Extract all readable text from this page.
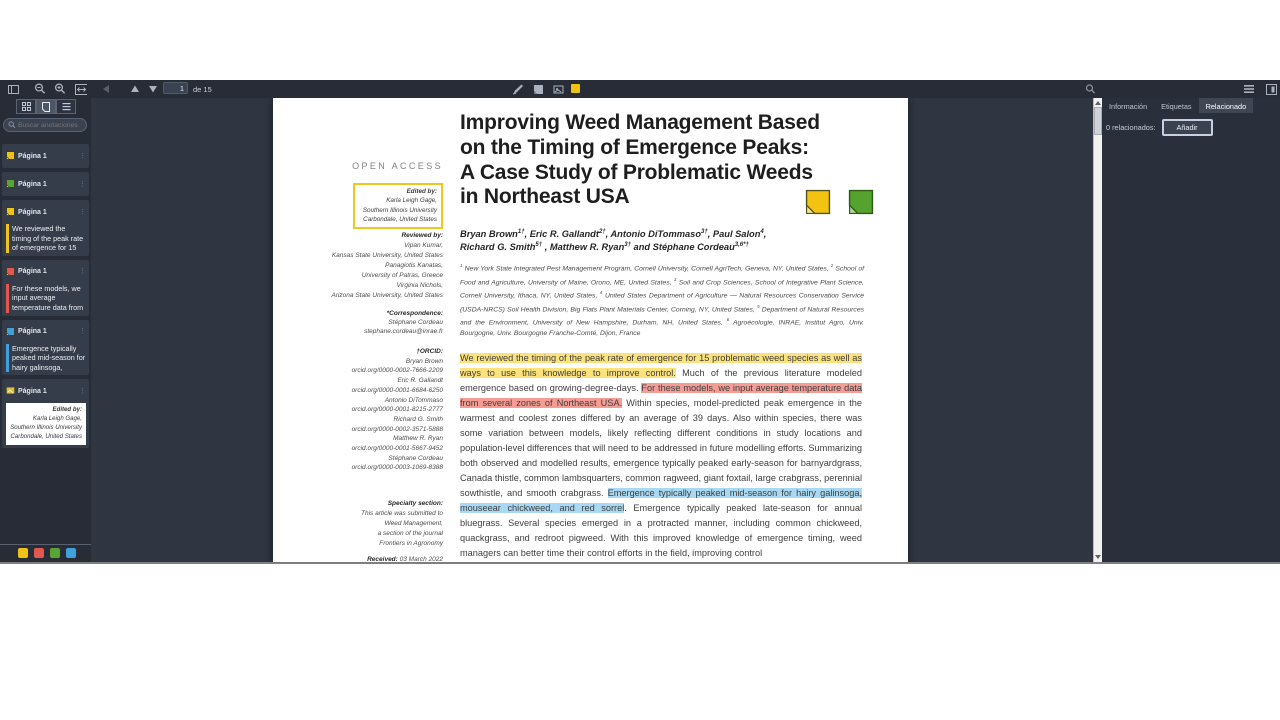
1
de 15
Buscar anotaciones
Página 1	⋮
Página 1	⋮
Página 1	⋮
We reviewed the timing of the peak rate of emergence for 15
Página 1	⋮
For these models, we input average temperature data from
Página 1	⋮
Emergence typically peaked mid-season for hairy galinsoga,
Página 1	⋮
Edited by:
Karla Leigh Gage,
Southern Illinois University
Carbondale, United States
OPEN ACCESS
Edited by:
Karla Leigh Gage,
Southern Illinois University
Carbondale, United States
Reviewed by:
Vipan Kumar,
Kansas State University, United States
Panagiotis Kanatas,
University of Patras, Greece
Virginia Nichols,
Arizona State University, United States
*Correspondence:
Stéphane Cordeau
stephane.cordeau@inrae.fr
†ORCID:
Bryan Brown
orcid.org/0000-0002-7666-2209
Eric R. Gallandt
orcid.org/0000-0001-6684-6250
Antonio DiTommaso
orcid.org/0000-0001-8215-2777
Richard G. Smith
orcid.org/0000-0002-3571-5888
Matthew R. Ryan
orcid.org/0000-0001-5667-9452
Stéphane Cordeau
orcid.org/0000-0003-1069-8388
Specialty section:
This article was submitted to
Weed Management,
a section of the journal
Frontiers in Agronomy
Received: 03 March 2022
Improving Weed Management Based
on the Timing of Emergence Peaks:
A Case Study of Problematic Weeds
in Northeast USA
Bryan Brown$^{1\dagger}$, Eric R. Gallandt$^{2\dagger}$, Antonio DiTommaso$^{3\dagger}$, Paul Salon$^4$,
Richard G. Smith$^{5\dagger}$ , Matthew R. Ryan$^{3\dagger}$ and Stéphane Cordeau$^{3,6*\dagger}$
$^1$ New York State Integrated Pest Management Program, Cornell University, Cornell AgriTech, Geneva, NY, United States, $^2$ School of Food and Agriculture, University of Maine, Orono, ME, United States, $^3$ Soil and Crop Sciences, School of Integrative Plant Science, Cornell University, Ithaca, NY, United States, $^4$ United States Department of Agriculture — Natural Resources Conservation Service (USDA-NRCS) Soil Health Division, Big Flats Plant Materials Center, Corning, NY, United States, $^5$ Department of Natural Resources and the Environment, University of New Hampshire, Durham, NH, United States, $^6$ Agroécologie, INRAE, Institut Agro, Univ. Bourgogne, Univ. Bourgogne Franche-Comté, Dijon, France
We reviewed the timing of the peak rate of emergence for 15 problematic weed species as well as ways to use this knowledge to improve control. Much of the previous literature modeled emergence based on growing-degree-days. For these models, we input average temperature data from several zones of Northeast USA. Within species, model-predicted peak emergence in the warmest and coolest zones differed by an average of 39 days. Also within species, there was some variation between models, likely reflecting different conditions in study locations and population-level differences that will need to be addressed in future modelling efforts. Summarizing both observed and modelled results, emergence typically peaked early-season for barnyardgrass, Canada thistle, common lambsquarters, common ragweed, giant foxtail, large crabgrass, perennial sowthistle, and smooth crabgrass. Emergence typically peaked mid-season for hairy galinsoga, mouseear chickweed, and red sorrel. Emergence typically peaked late-season for annual bluegrass. Several species emerged in a protracted manner, including common chickweed, quackgrass, and redroot pigweed. With this improved knowledge of emergence timing, weed managers can better time their control efforts in the field, improving control
Información	Etiquetas	Relacionado
0 relacionados:	Añadir
